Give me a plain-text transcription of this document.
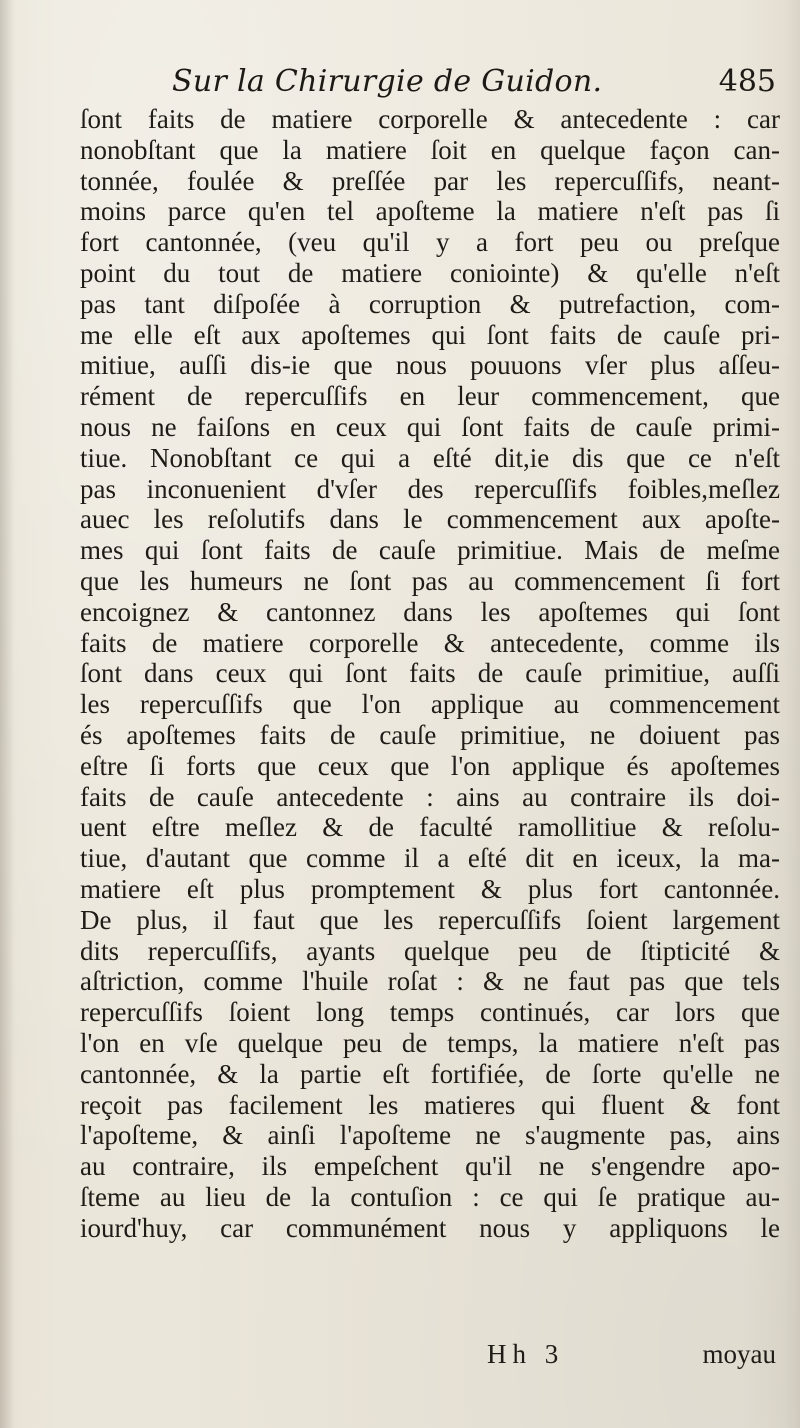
Sur la Chirurgie de Guidon.	485
ſont faits de matiere corporelle & antecedente : car
nonobſtant que la matiere ſoit en quelque façon can-
tonnée, foulée & preſſée par les repercuſſifs, neant-
moins parce qu'en tel apoſteme la matiere n'eſt pas ſi
fort cantonnée, (veu qu'il y a fort peu ou preſque
point du tout de matiere coniointe) & qu'elle n'eſt
pas tant diſpoſée à corruption & putrefaction, com-
me elle eſt aux apoſtemes qui ſont faits de cauſe pri-
mitiue, auſſi dis-ie que nous pouuons vſer plus aſſeu-
rément de repercuſſifs en leur commencement, que
nous ne faiſons en ceux qui ſont faits de cauſe primi-
tiue. Nonobſtant ce qui a eſté dit,ie dis que ce n'eſt
pas inconuenient d'vſer des repercuſſifs foibles,meſlez
auec les reſolutifs dans le commencement aux apoſte-
mes qui ſont faits de cauſe primitiue. Mais de meſme
que les humeurs ne ſont pas au commencement ſi fort
encoignez & cantonnez dans les apoſtemes qui ſont
faits de matiere corporelle & antecedente, comme ils
ſont dans ceux qui ſont faits de cauſe primitiue, auſſi
les repercuſſifs que l'on applique au commencement
és apoſtemes faits de cauſe primitiue, ne doiuent pas
eſtre ſi forts que ceux que l'on applique és apoſtemes
faits de cauſe antecedente : ains au contraire ils doi-
uent eſtre meſlez & de faculté ramollitiue & reſolu-
tiue, d'autant que comme il a eſté dit en iceux, la ma-
matiere eſt plus promptement & plus fort cantonnée.
De plus, il faut que les repercuſſifs ſoient largement
dits repercuſſifs, ayants quelque peu de ſtipticité &
aſtriction, comme l'huile roſat : & ne faut pas que tels
repercuſſifs ſoient long temps continués, car lors que
l'on en vſe quelque peu de temps, la matiere n'eſt pas
cantonnée, & la partie eſt fortifiée, de ſorte qu'elle ne
reçoit pas facilement les matieres qui fluent & font
l'apoſteme, & ainſi l'apoſteme ne s'augmente pas, ains
au contraire, ils empeſchent qu'il ne s'engendre apo-
ſteme au lieu de la contuſion : ce qui ſe pratique au-
iourd'huy, car communément nous y appliquons le
Hh 3	moyau
